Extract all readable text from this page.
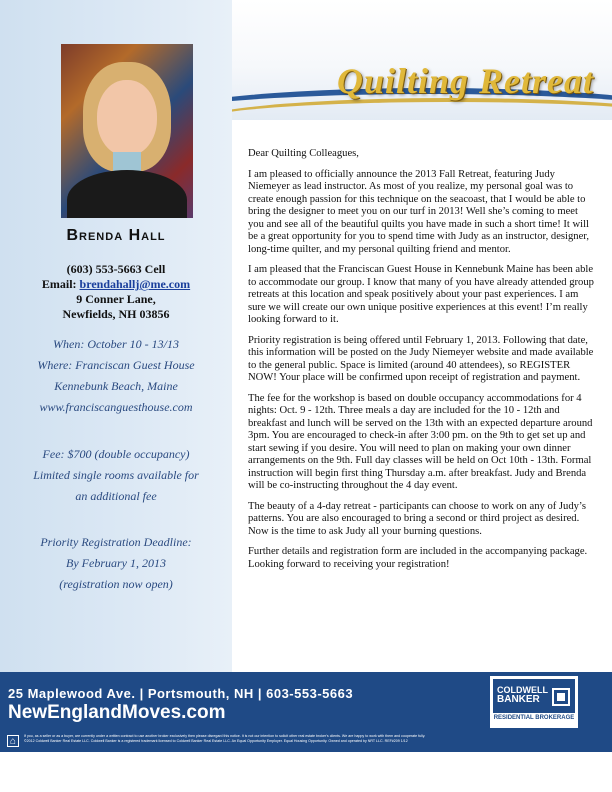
Quilting Retreat
Brenda Hall
(603) 553-5663 Cell
Email: brendahallj@me.com
9 Conner Lane,
Newfields, NH 03856
When: October 10 - 13/13
Where: Franciscan Guest House
Kennebunk Beach, Maine
www.franciscanguesthouse.com
Fee: $700 (double occupancy)
Limited single rooms available for
an additional fee
Priority Registration Deadline:
By February 1, 2013
(registration now open)

Dear Quilting Colleagues,

I am pleased to officially announce the 2013 Fall Retreat, featuring Judy Niemeyer as lead instructor. As most of you realize, my personal goal was to create enough passion for this technique on the seacoast, that I would be able to bring the designer to meet you on our turf in 2013! Well she’s coming to meet you and see all of the beautiful quilts you have made in such a short time! It will be a great opportunity for you to spend time with Judy as an instructor, designer, long-time quilter, and my personal quilting friend and mentor.

I am pleased that the Franciscan Guest House in Kennebunk Maine has been able to accommodate our group. I know that many of you have already attended group retreats at this location and speak positively about your past experiences. I am sure we will create our own unique positive experiences at this event! I’m really looking forward to it.

Priority registration is being offered until February 1, 2013. Following that date, this information will be posted on the Judy Niemeyer website and made available to the general public. Space is limited (around 40 attendees), so REGISTER NOW! Your place will be confirmed upon receipt of registration and payment.

The fee for the workshop is based on double occupancy accommodations for 4 nights: Oct. 9 - 12th. Three meals a day are included for the 10 - 12th and breakfast and lunch will be served on the 13th with an expected departure around 3pm. You are encouraged to check-in after 3:00 pm. on the 9th to get set up and start sewing if you desire. You will need to plan on making your own dinner arrangements on the 9th. Full day classes will be held on Oct 10th - 13th. Formal instruction will begin first thing Thursday a.m. after breakfast. Judy and Brenda will be co-instructing throughout the 4 day event.

The beauty of a 4-day retreat - participants can choose to work on any of Judy’s patterns. You are also encouraged to bring a second or third project as desired. Now is the time to ask Judy all your burning questions.

Further details and registration form are included in the accompanying package. Looking forward to receiving your registration!

25 Maplewood Ave. | Portsmouth, NH | 603-553-5663
NewEnglandMoves.com
COLDWELL
BANKER
RESIDENTIAL BROKERAGE
⌂	If you, as a seller or as a buyer, are currently under a written contract to use another broker exclusively then please disregard this notice. It is not our intention to solicit other real estate broker's clients. We are happy to work with them and cooperate fully.
©2012 Coldwell Banker Real Estate LLC. Coldwell Banker is a registered trademark licensed to Coldwell Banker Real Estate LLC. An Equal Opportunity Employer. Equal Housing Opportunity. Owned and operated by NRT LLC. REF#209 1/12
